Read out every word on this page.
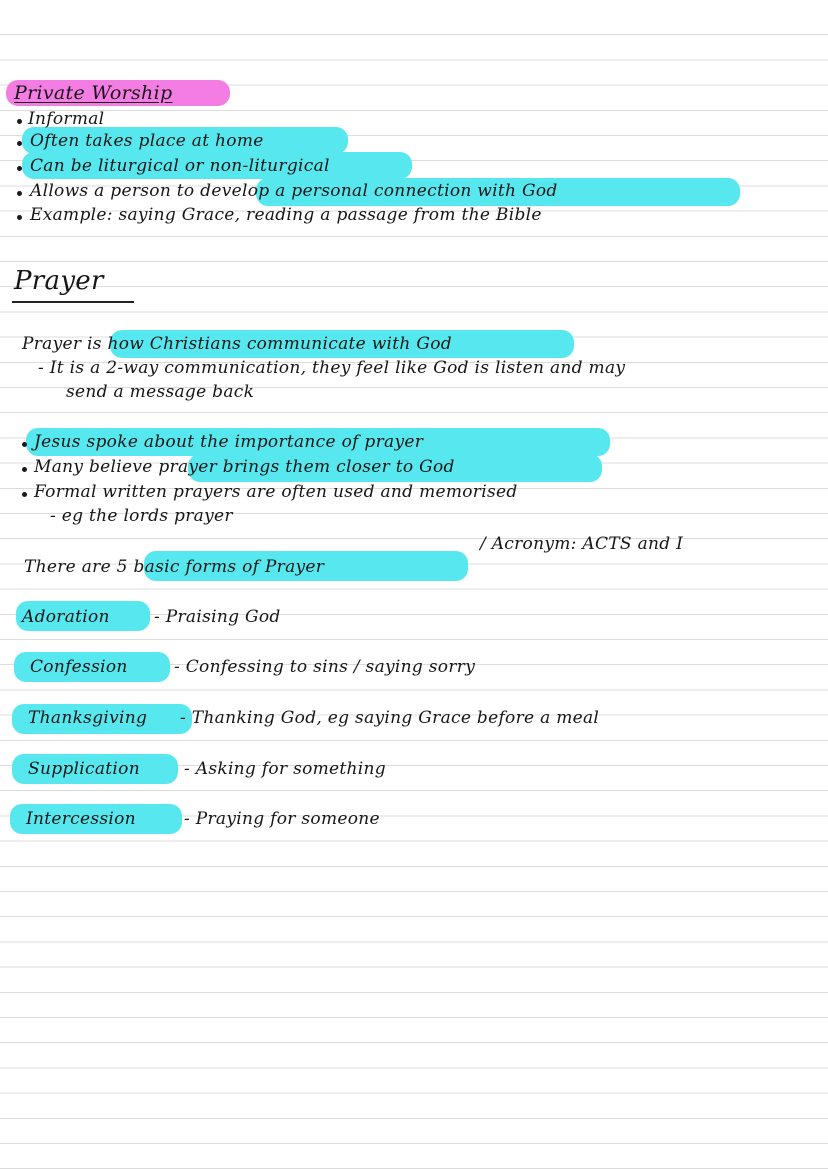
Private Worship
Informal
Often takes place at home
Can be liturgical or non-liturgical
Allows a person to develop a personal connection with God
Example: saying Grace, reading a passage from the Bible
Prayer
Prayer is how Christians communicate with God
- It is a 2-way communication, they feel like God is listen and may
send a message back
Jesus spoke about the importance of prayer
Many believe prayer brings them closer to God
Formal written prayers are often used and memorised
- eg the lords prayer
/ Acronym: ACTS and I
There are 5 basic forms of Prayer
Adoration	- Praising God
Confession	- Confessing to sins / saying sorry
Thanksgiving - Thanking God, eg saying Grace before a meal
Supplication	- Asking for something
Intercession	- Praying for someone
